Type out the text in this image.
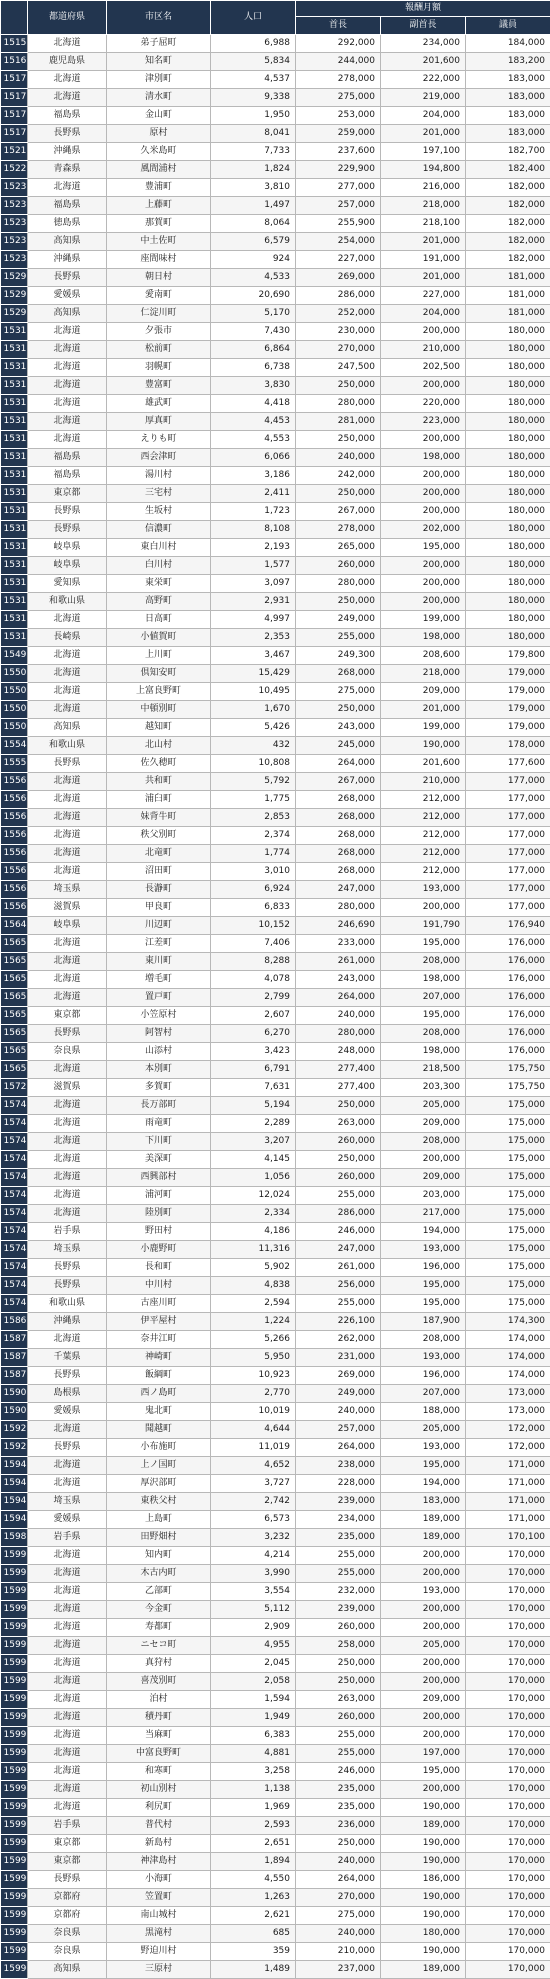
	都道府県	市区名	人口	報酬月額		
				首長	副首長	議員
1515	北海道	弟子屈町	6,988	292,000	234,000	184,000
1516	鹿児島県	知名町	5,834	244,000	201,600	183,200
1517	北海道	津別町	4,537	278,000	222,000	183,000
1517	北海道	清水町	9,338	275,000	219,000	183,000
1517	福島県	金山町	1,950	253,000	204,000	183,000
1517	長野県	原村	8,041	259,000	201,000	183,000
1521	沖縄県	久米島町	7,733	237,600	197,100	182,700
1522	青森県	風間浦村	1,824	229,900	194,800	182,400
1523	北海道	豊浦町	3,810	277,000	216,000	182,000
1523	福島県	上藤町	1,497	257,000	218,000	182,000
1523	徳島県	那賀町	8,064	255,900	218,100	182,000
1523	高知県	中土佐町	6,579	254,000	201,000	182,000
1523	沖縄県	座間味村	924	227,000	191,000	182,000
1529	長野県	朝日村	4,533	269,000	201,000	181,000
1529	愛媛県	愛南町	20,690	286,000	227,000	181,000
1529	高知県	仁淀川町	5,170	252,000	204,000	181,000
1531	北海道	夕張市	7,430	230,000	200,000	180,000
1531	北海道	松前町	6,864	270,000	210,000	180,000
1531	北海道	羽幌町	6,738	247,500	202,500	180,000
1531	北海道	豊富町	3,830	250,000	200,000	180,000
1531	北海道	雄武町	4,418	280,000	220,000	180,000
1531	北海道	厚真町	4,453	281,000	223,000	180,000
1531	北海道	えりも町	4,553	250,000	200,000	180,000
1531	福島県	西会津町	6,066	240,000	198,000	180,000
1531	福島県	湯川村	3,186	242,000	200,000	180,000
1531	東京都	三宅村	2,411	250,000	200,000	180,000
1531	長野県	生坂村	1,723	267,000	200,000	180,000
1531	長野県	信濃町	8,108	278,000	202,000	180,000
1531	岐阜県	東白川村	2,193	265,000	195,000	180,000
1531	岐阜県	白川村	1,577	260,000	200,000	180,000
1531	愛知県	東栄町	3,097	280,000	200,000	180,000
1531	和歌山県	高野町	2,931	250,000	200,000	180,000
1531	北海道	日高町	4,997	249,000	199,000	180,000
1531	長崎県	小値賀町	2,353	255,000	198,000	180,000
1549	北海道	上川町	3,467	249,300	208,600	179,800
1550	北海道	倶知安町	15,429	268,000	218,000	179,000
1550	北海道	上富良野町	10,495	275,000	209,000	179,000
1550	北海道	中頓別町	1,670	250,000	201,000	179,000
1550	高知県	越知町	5,426	243,000	199,000	179,000
1554	和歌山県	北山村	432	245,000	190,000	178,000
1555	長野県	佐久穂町	10,808	264,000	201,600	177,600
1556	北海道	共和町	5,792	267,000	210,000	177,000
1556	北海道	浦臼町	1,775	268,000	212,000	177,000
1556	北海道	妹背牛町	2,853	268,000	212,000	177,000
1556	北海道	秩父別町	2,374	268,000	212,000	177,000
1556	北海道	北竜町	1,774	268,000	212,000	177,000
1556	北海道	沼田町	3,010	268,000	212,000	177,000
1556	埼玉県	長瀞町	6,924	247,000	193,000	177,000
1556	滋賀県	甲良町	6,833	280,000	200,000	177,000
1564	岐阜県	川辺町	10,152	246,690	191,790	176,940
1565	北海道	江差町	7,406	233,000	195,000	176,000
1565	北海道	東川町	8,288	261,000	208,000	176,000
1565	北海道	増毛町	4,078	243,000	198,000	176,000
1565	北海道	置戸町	2,799	264,000	207,000	176,000
1565	東京都	小笠原村	2,607	240,000	195,000	176,000
1565	長野県	阿智村	6,270	280,000	208,000	176,000
1565	奈良県	山添村	3,423	248,000	198,000	176,000
1565	北海道	本別町	6,791	277,400	218,500	175,750
1572	滋賀県	多賀町	7,631	277,400	203,300	175,750
1574	北海道	長万部町	5,194	250,000	205,000	175,000
1574	北海道	雨竜町	2,289	263,000	209,000	175,000
1574	北海道	下川町	3,207	260,000	208,000	175,000
1574	北海道	美深町	4,145	250,000	200,000	175,000
1574	北海道	西興部村	1,056	260,000	209,000	175,000
1574	北海道	浦河町	12,024	255,000	203,000	175,000
1574	北海道	陸別町	2,334	286,000	217,000	175,000
1574	岩手県	野田村	4,186	246,000	194,000	175,000
1574	埼玉県	小鹿野町	11,316	247,000	193,000	175,000
1574	長野県	長和町	5,902	261,000	196,000	175,000
1574	長野県	中川村	4,838	256,000	195,000	175,000
1574	和歌山県	古座川町	2,594	255,000	195,000	175,000
1586	沖縄県	伊平屋村	1,224	226,100	187,900	174,300
1587	北海道	奈井江町	5,266	262,000	208,000	174,000
1587	千葉県	神崎町	5,950	231,000	193,000	174,000
1587	長野県	飯綱町	10,923	269,000	196,000	174,000
1590	島根県	西ノ島町	2,770	249,000	207,000	173,000
1590	愛媛県	鬼北町	10,019	240,000	188,000	173,000
1592	北海道	聞越町	4,644	257,000	205,000	172,000
1592	長野県	小布施町	11,019	264,000	193,000	172,000
1594	北海道	上ノ国町	4,652	238,000	195,000	171,000
1594	北海道	厚沢部町	3,727	228,000	194,000	171,000
1594	埼玉県	東秩父村	2,742	239,000	183,000	171,000
1594	愛媛県	上島町	6,573	234,000	189,000	171,000
1598	岩手県	田野畑村	3,232	235,000	189,000	170,100
1599	北海道	知内町	4,214	255,000	200,000	170,000
1599	北海道	木古内町	3,990	255,000	200,000	170,000
1599	北海道	乙部町	3,554	232,000	193,000	170,000
1599	北海道	今金町	5,112	239,000	200,000	170,000
1599	北海道	寿都町	2,909	260,000	200,000	170,000
1599	北海道	ニセコ町	4,955	258,000	205,000	170,000
1599	北海道	真狩村	2,045	250,000	200,000	170,000
1599	北海道	喜茂別町	2,058	250,000	200,000	170,000
1599	北海道	泊村	1,594	263,000	209,000	170,000
1599	北海道	積丹町	1,949	260,000	200,000	170,000
1599	北海道	当麻町	6,383	255,000	200,000	170,000
1599	北海道	中富良野町	4,881	255,000	197,000	170,000
1599	北海道	和寒町	3,258	246,000	195,000	170,000
1599	北海道	初山別村	1,138	235,000	200,000	170,000
1599	北海道	利尻町	1,969	235,000	190,000	170,000
1599	岩手県	普代村	2,593	236,000	189,000	170,000
1599	東京都	新島村	2,651	250,000	190,000	170,000
1599	東京都	神津島村	1,894	240,000	190,000	170,000
1599	長野県	小海町	4,550	264,000	186,000	170,000
1599	京都府	笠置町	1,263	270,000	190,000	170,000
1599	京都府	南山城村	2,621	275,000	190,000	170,000
1599	奈良県	黒滝村	685	240,000	180,000	170,000
1599	奈良県	野迫川村	359	210,000	190,000	170,000
1599	高知県	三原村	1,489	237,000	189,000	170,000
